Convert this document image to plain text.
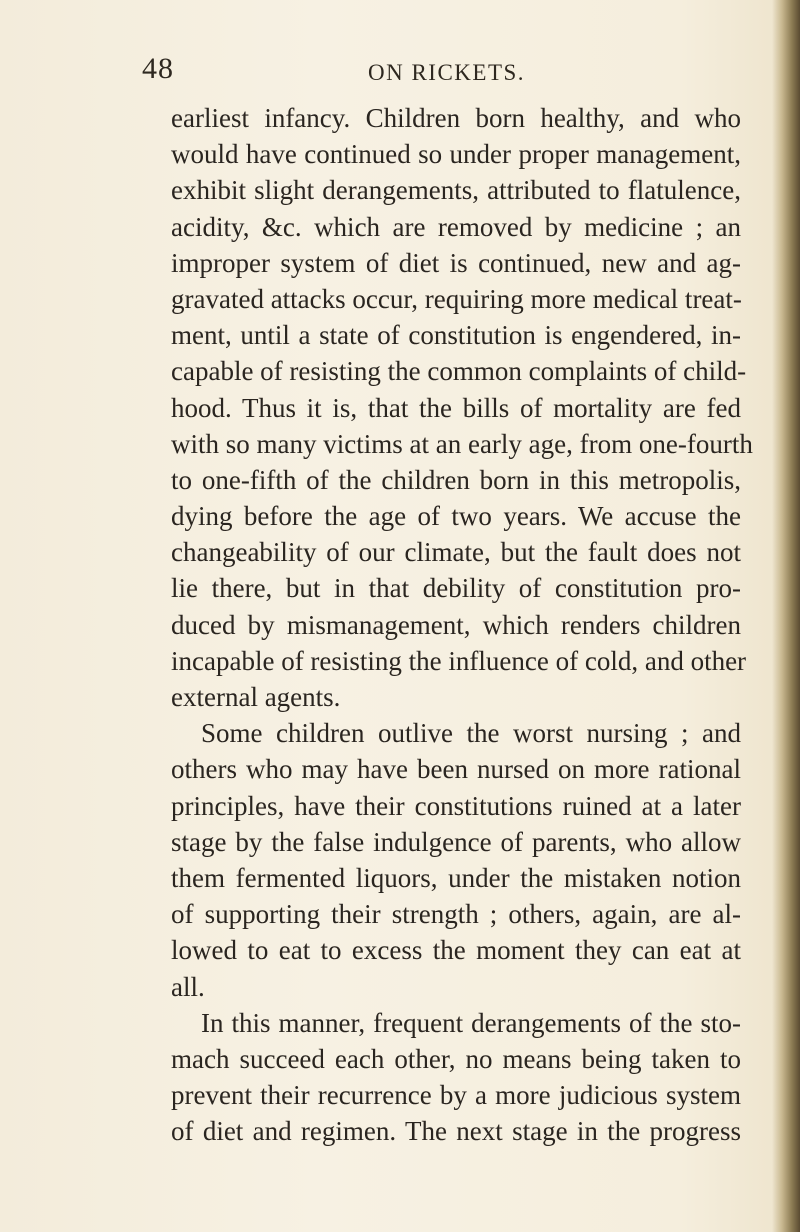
48	ON RICKETS.
earliest infancy. Children born healthy, and who
would have continued so under proper management,
exhibit slight derangements, attributed to flatulence,
acidity, &c. which are removed by medicine ; an
improper system of diet is continued, new and ag-
gravated attacks occur, requiring more medical treat-
ment, until a state of constitution is engendered, in-
capable of resisting the common complaints of child-
hood. Thus it is, that the bills of mortality are fed
with so many victims at an early age, from one-fourth
to one-fifth of the children born in this metropolis,
dying before the age of two years. We accuse the
changeability of our climate, but the fault does not
lie there, but in that debility of constitution pro-
duced by mismanagement, which renders children
incapable of resisting the influence of cold, and other
external agents.
Some children outlive the worst nursing ; and
others who may have been nursed on more rational
principles, have their constitutions ruined at a later
stage by the false indulgence of parents, who allow
them fermented liquors, under the mistaken notion
of supporting their strength ; others, again, are al-
lowed to eat to excess the moment they can eat at
all.
In this manner, frequent derangements of the sto-
mach succeed each other, no means being taken to
prevent their recurrence by a more judicious system
of diet and regimen. The next stage in the progress
